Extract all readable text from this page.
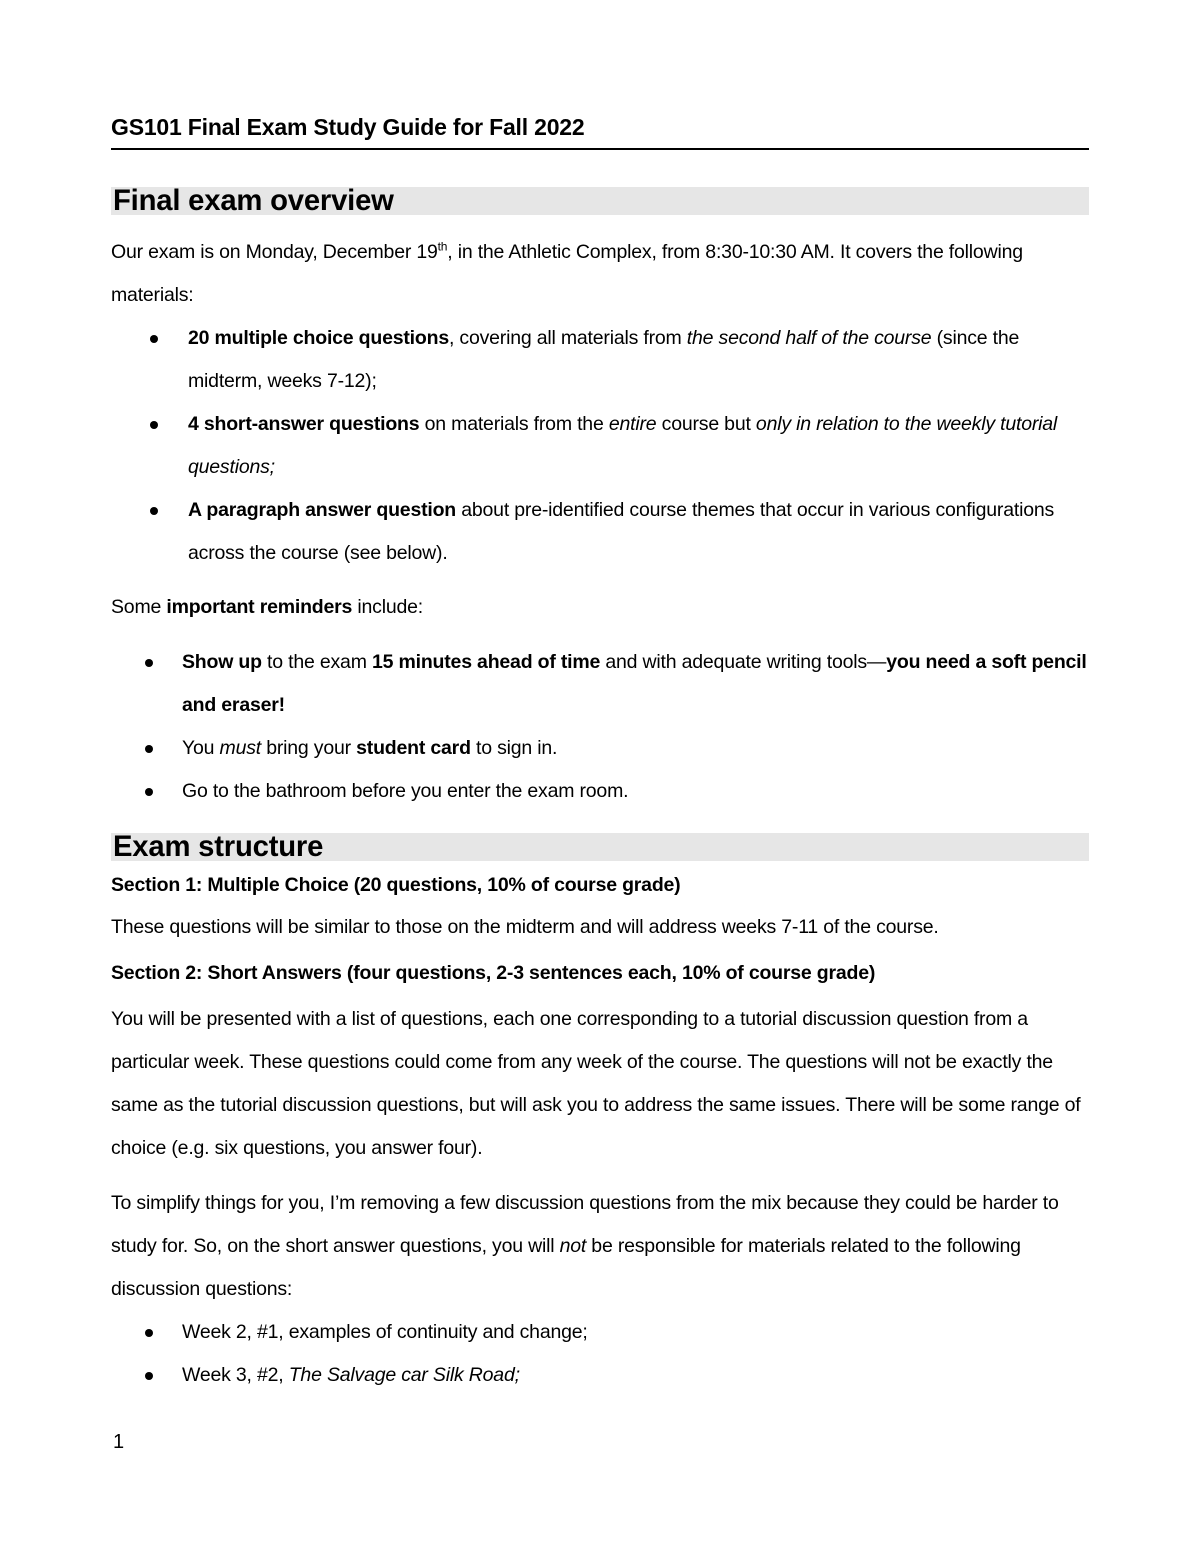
GS101 Final Exam Study Guide for Fall 2022
Final exam overview

Our exam is on Monday, December 19th, in the Athletic Complex, from 8:30-10:30 AM. It covers the following materials:

20 multiple choice questions, covering all materials from the second half of the course (since the midterm, weeks 7-12);
4 short-answer questions on materials from the entire course but only in relation to the weekly tutorial questions;
A paragraph answer question about pre-identified course themes that occur in various configurations across the course (see below).

Some important reminders include:

Show up to the exam 15 minutes ahead of time and with adequate writing tools—you need a soft pencil and eraser!
You must bring your student card to sign in.
Go to the bathroom before you enter the exam room.
Exam structure

Section 1: Multiple Choice (20 questions, 10% of course grade)

These questions will be similar to those on the midterm and will address weeks 7-11 of the course.

Section 2: Short Answers (four questions, 2-3 sentences each, 10% of course grade)

You will be presented with a list of questions, each one corresponding to a tutorial discussion question from a particular week. These questions could come from any week of the course. The questions will not be exactly the same as the tutorial discussion questions, but will ask you to address the same issues. There will be some range of choice (e.g. six questions, you answer four).

To simplify things for you, I’m removing a few discussion questions from the mix because they could be harder to study for. So, on the short answer questions, you will not be responsible for materials related to the following discussion questions:

Week 2, #1, examples of continuity and change;
Week 3, #2, The Salvage car Silk Road;
1
